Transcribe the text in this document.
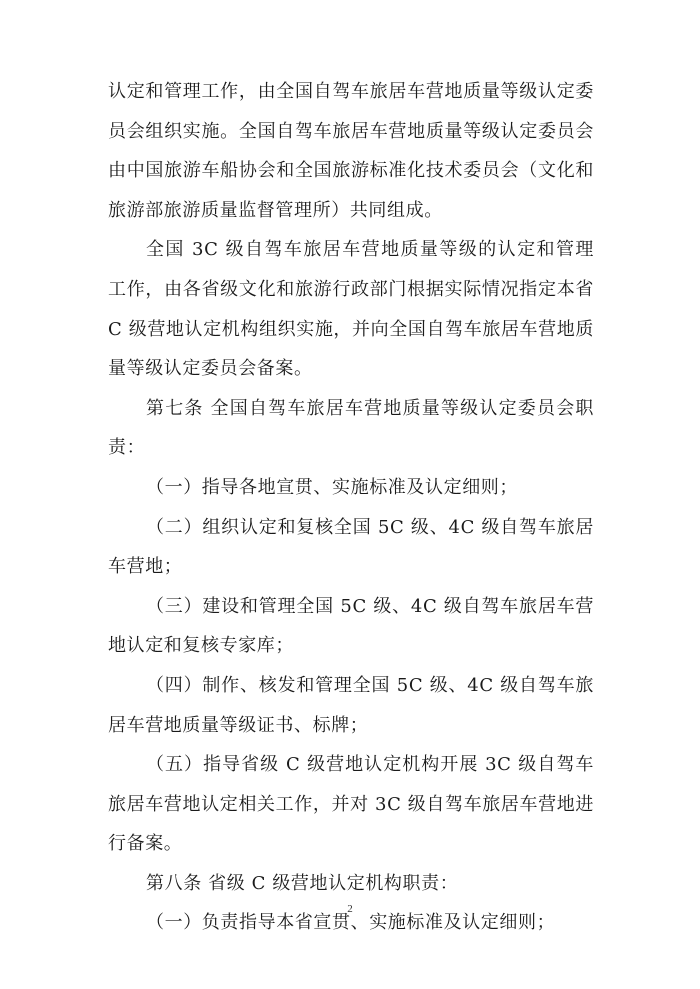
认定和管理工作，由全国自驾车旅居车营地质量等级认定委员会组织实施。全国自驾车旅居车营地质量等级认定委员会由中国旅游车船协会和全国旅游标准化技术委员会（文化和旅游部旅游质量监督管理所）共同组成。

全国 3C 级自驾车旅居车营地质量等级的认定和管理工作，由各省级文化和旅游行政部门根据实际情况指定本省 C 级营地认定机构组织实施，并向全国自驾车旅居车营地质量等级认定委员会备案。

第七条 全国自驾车旅居车营地质量等级认定委员会职责：

（一）指导各地宣贯、实施标准及认定细则；

（二）组织认定和复核全国 5C 级、4C 级自驾车旅居车营地；

（三）建设和管理全国 5C 级、4C 级自驾车旅居车营地认定和复核专家库；

（四）制作、核发和管理全国 5C 级、4C 级自驾车旅居车营地质量等级证书、标牌；

（五）指导省级 C 级营地认定机构开展 3C 级自驾车旅居车营地认定相关工作，并对 3C 级自驾车旅居车营地进行备案。

第八条 省级 C 级营地认定机构职责：

（一）负责指导本省宣贯、实施标准及认定细则；

2
